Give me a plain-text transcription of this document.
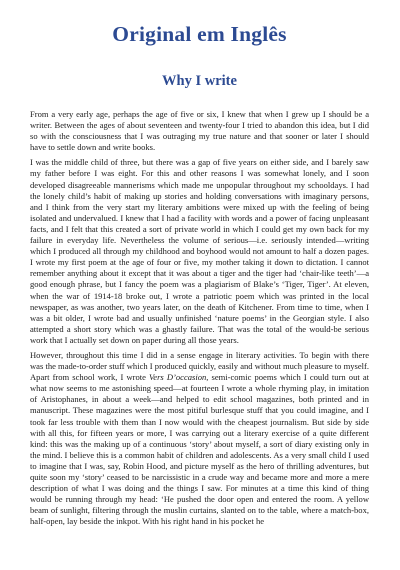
Original em Inglês
Why I write

From a very early age, perhaps the age of five or six, I knew that when I grew up I should be a writer. Between the ages of about seventeen and twenty-four I tried to abandon this idea, but I did so with the consciousness that I was outraging my true nature and that sooner or later I should have to settle down and write books.

I was the middle child of three, but there was a gap of five years on either side, and I barely saw my father before I was eight. For this and other reasons I was somewhat lonely, and I soon developed disagreeable mannerisms which made me unpopular throughout my schooldays. I had the lonely child’s habit of making up stories and holding conversations with imaginary persons, and I think from the very start my literary ambitions were mixed up with the feeling of being isolated and undervalued. I knew that I had a facility with words and a power of facing unpleasant facts, and I felt that this created a sort of private world in which I could get my own back for my failure in everyday life. Nevertheless the volume of serious—i.e. seriously intended—writing which I produced all through my childhood and boyhood would not amount to half a dozen pages. I wrote my first poem at the age of four or five, my mother taking it down to dictation. I cannot remember anything about it except that it was about a tiger and the tiger had ‘chair-like teeth’—a good enough phrase, but I fancy the poem was a plagiarism of Blake’s ‘Tiger, Tiger’. At eleven, when the war of 1914-18 broke out, I wrote a patriotic poem which was printed in the local newspaper, as was another, two years later, on the death of Kitchener. From time to time, when I was a bit older, I wrote bad and usually unfinished ‘nature poems’ in the Georgian style. I also attempted a short story which was a ghastly failure. That was the total of the would-be serious work that I actually set down on paper during all those years.

However, throughout this time I did in a sense engage in literary activities. To begin with there was the made-to-order stuff which I produced quickly, easily and without much pleasure to myself. Apart from school work, I wrote Vers D’occasion, semi-comic poems which I could turn out at what now seems to me astonishing speed—at fourteen I wrote a whole rhyming play, in imitation of Aristophanes, in about a week—and helped to edit school magazines, both printed and in manuscript. These magazines were the most pitiful burlesque stuff that you could imagine, and I took far less trouble with them than I now would with the cheapest journalism. But side by side with all this, for fifteen years or more, I was carrying out a literary exercise of a quite different kind: this was the making up of a continuous ‘story’ about myself, a sort of diary existing only in the mind. I believe this is a common habit of children and adolescents. As a very small child I used to imagine that I was, say, Robin Hood, and picture myself as the hero of thrilling adventures, but quite soon my ‘story’ ceased to be narcissistic in a crude way and became more and more a mere description of what I was doing and the things I saw. For minutes at a time this kind of thing would be running through my head: ‘He pushed the door open and entered the room. A yellow beam of sunlight, filtering through the muslin curtains, slanted on to the table, where a match-box, half-open, lay beside the inkpot. With his right hand in his pocket he
